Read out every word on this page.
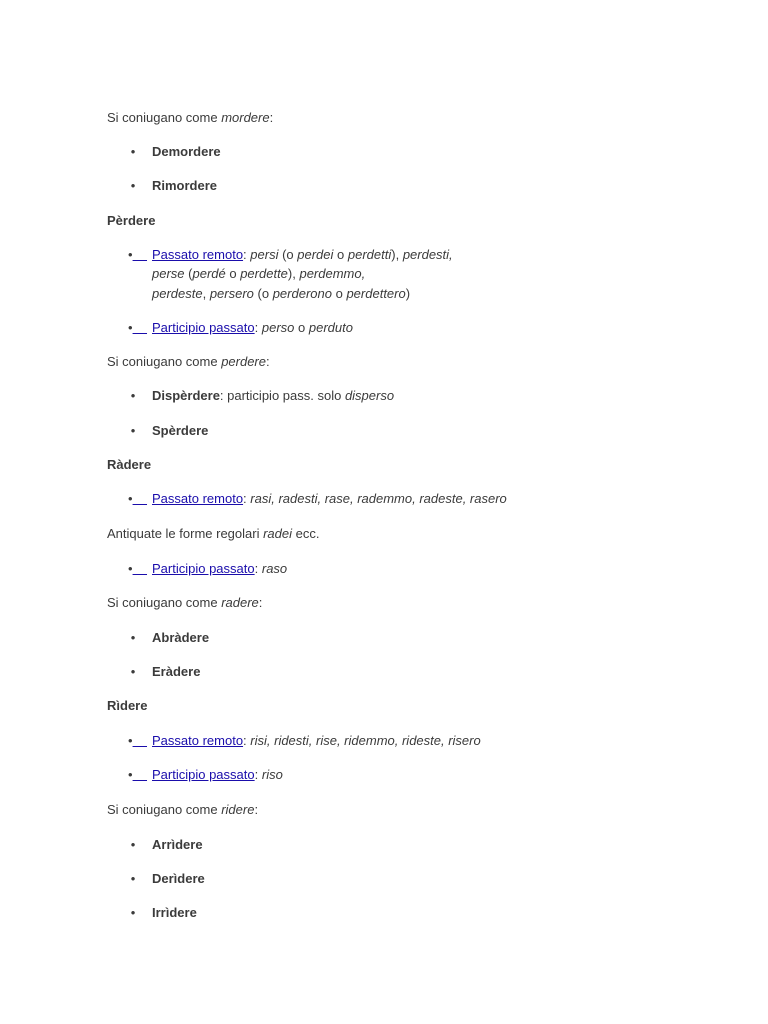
Si coniugano come mordere:
• Demordere
• Rimordere
Pèrdere
•	Passato remoto: persi (o perdei o perdetti), perdesti,
perse (perdé o perdette), perdemmo,
perdeste, persero (o perderono o perdettero)
•	Participio passato: perso o perduto
Si coniugano come perdere:
• Dispèrdere: participio pass. solo disperso
• Spèrdere
Ràdere
•	Passato remoto: rasi, radesti, rase, rademmo, radeste, rasero
Antiquate le forme regolari radei ecc.
•	Participio passato: raso
Si coniugano come radere:
• Abràdere
• Eràdere
Rìdere
•	Passato remoto: risi, ridesti, rise, ridemmo, rideste, risero
•	Participio passato: riso
Si coniugano come ridere:
• Arrìdere
• Derìdere
• Irrìdere
